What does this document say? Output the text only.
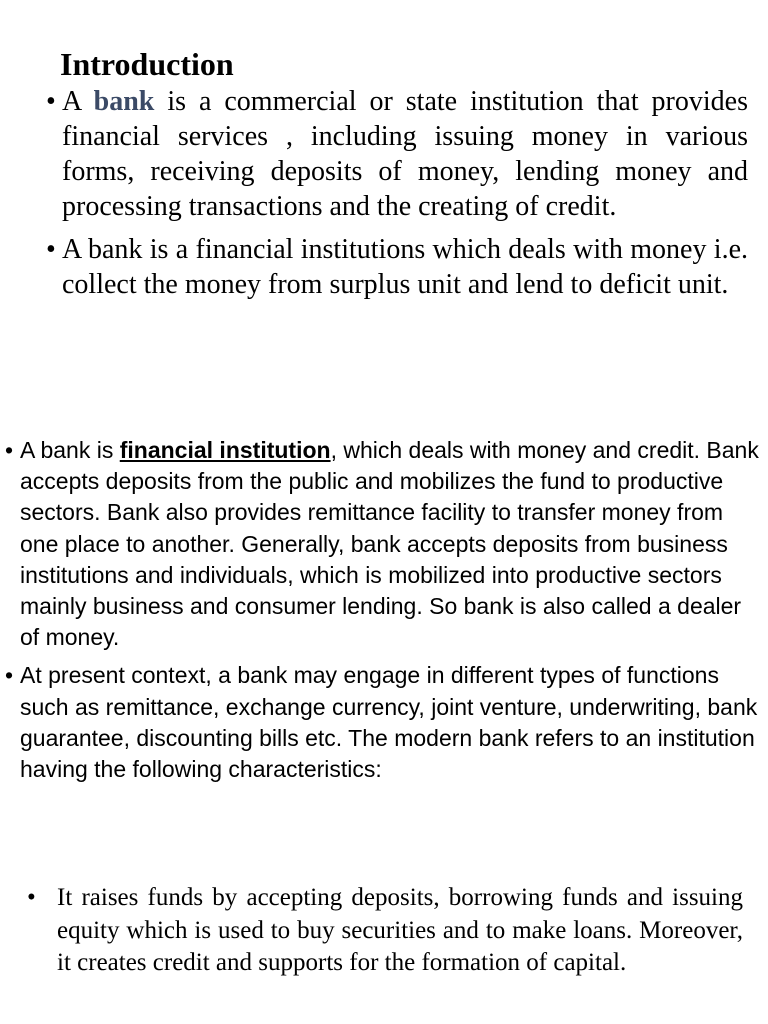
Introduction
• A bank is a commercial or state institution that provides financial services , including issuing money in various forms, receiving deposits of money, lending money and processing transactions and the creating of credit.

• A bank is a financial institutions which deals with money i.e. collect the money from surplus unit and lend to deficit unit.

• A bank is financial institution, which deals with money and credit. Bank accepts deposits from the public and mobilizes the fund to productive sectors. Bank also provides remittance facility to transfer money from one place to another. Generally, bank accepts deposits from business institutions and individuals, which is mobilized into productive sectors mainly business and consumer lending. So bank is also called a dealer of money.

• At present context, a bank may engage in different types of functions such as remittance, exchange currency, joint venture, underwriting, bank guarantee, discounting bills etc. The modern bank refers to an institution having the following characteristics:

• It raises funds by accepting deposits, borrowing funds and issuing equity which is used to buy securities and to make loans. Moreover, it creates credit and supports for the formation of capital.
